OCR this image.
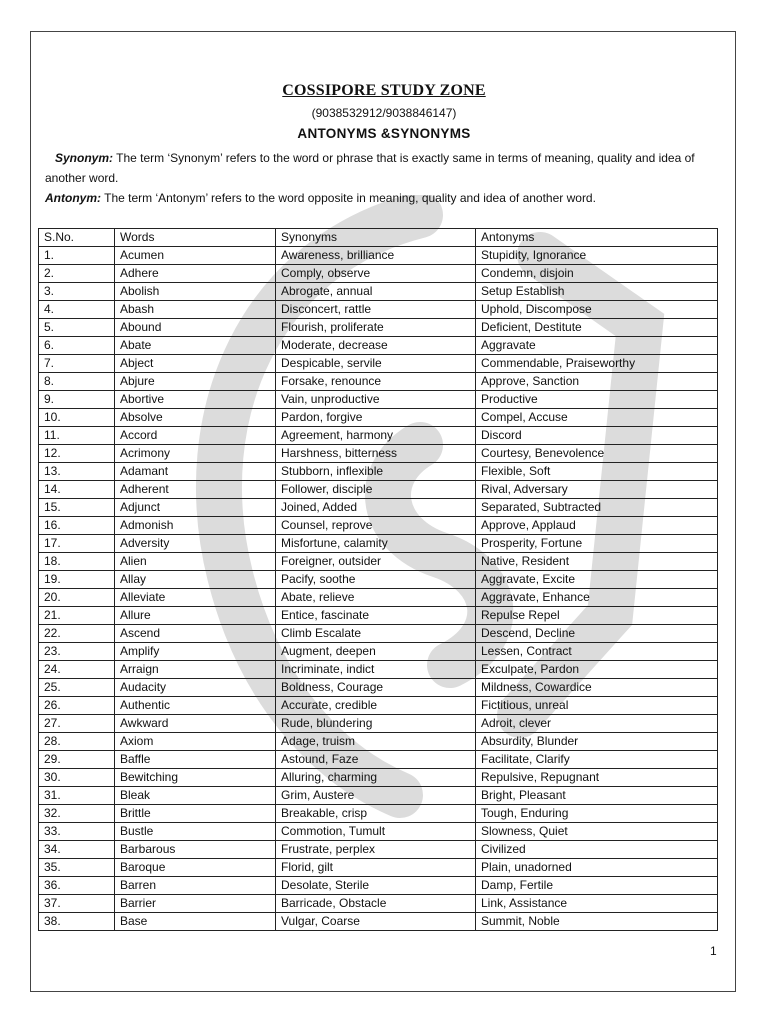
COSSIPORE STUDY ZONE
(9038532912/9038846147)
ANTONYMS &SYNONYMS
Synonym: The term ‘Synonym’ refers to the word or phrase that is exactly same in terms of meaning, quality and idea of another word.
Antonym: The term ‘Antonym’ refers to the word opposite in meaning, quality and idea of another word.
S.No.	Words	Synonyms	Antonyms
1.	Acumen	Awareness, brilliance	Stupidity, Ignorance
2.	Adhere	Comply, observe	Condemn, disjoin
3.	Abolish	Abrogate, annual	Setup Establish
4.	Abash	Disconcert, rattle	Uphold, Discompose
5.	Abound	Flourish, proliferate	Deficient, Destitute
6.	Abate	Moderate, decrease	Aggravate
7.	Abject	Despicable, servile	Commendable, Praiseworthy
8.	Abjure	Forsake, renounce	Approve, Sanction
9.	Abortive	Vain, unproductive	Productive
10.	Absolve	Pardon, forgive	Compel, Accuse
11.	Accord	Agreement, harmony	Discord
12.	Acrimony	Harshness, bitterness	Courtesy, Benevolence
13.	Adamant	Stubborn, inflexible	Flexible, Soft
14.	Adherent	Follower, disciple	Rival, Adversary
15.	Adjunct	Joined, Added	Separated, Subtracted
16.	Admonish	Counsel, reprove	Approve, Applaud
17.	Adversity	Misfortune, calamity	Prosperity, Fortune
18.	Alien	Foreigner, outsider	Native, Resident
19.	Allay	Pacify, soothe	Aggravate, Excite
20.	Alleviate	Abate, relieve	Aggravate, Enhance
21.	Allure	Entice, fascinate	Repulse Repel
22.	Ascend	Climb Escalate	Descend, Decline
23.	Amplify	Augment, deepen	Lessen, Contract
24.	Arraign	Incriminate, indict	Exculpate, Pardon
25.	Audacity	Boldness, Courage	Mildness, Cowardice
26.	Authentic	Accurate, credible	Fictitious, unreal
27.	Awkward	Rude, blundering	Adroit, clever
28.	Axiom	Adage, truism	Absurdity, Blunder
29.	Baffle	Astound, Faze	Facilitate, Clarify
30.	Bewitching	Alluring, charming	Repulsive, Repugnant
31.	Bleak	Grim, Austere	Bright, Pleasant
32.	Brittle	Breakable, crisp	Tough, Enduring
33.	Bustle	Commotion, Tumult	Slowness, Quiet
34.	Barbarous	Frustrate, perplex	Civilized
35.	Baroque	Florid, gilt	Plain, unadorned
36.	Barren	Desolate, Sterile	Damp, Fertile
37.	Barrier	Barricade, Obstacle	Link, Assistance
38.	Base	Vulgar, Coarse	Summit, Noble
1
